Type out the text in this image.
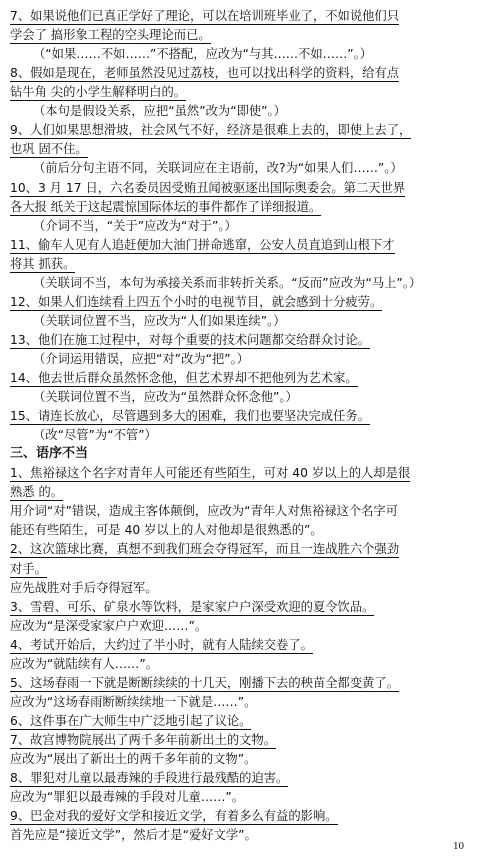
7、如果说他们已真正学好了理论，可以在培训班毕业了，不如说他们只
学会了 搞形象工程的空头理论而已。
（“如果……不如……”不搭配，应改为“与其……不如……”。）
8、假如是现在，老师虽然没见过荔枝，也可以找出科学的资料，给有点
钻牛角 尖的小学生解释明白的。
（本句是假设关系，应把“虽然”改为“即使”。）
9、人们如果思想滑坡，社会风气不好，经济是很难上去的，即使上去了，
也巩 固不住。
（前后分句主语不同，关联词应在主语前，改?为“如果人们……”。）
10、3 月 17 日，六名委员因受贿丑闻被驱逐出国际奥委会。第二天世界
各大报 纸关于这起震惊国际体坛的事件都作了详细报道。
（介词不当，“关于”应改为“对于”。）
11、偷车人见有人追赶便加大油门拼命逃窜，公安人员直追到山根下才
将其 抓获。
（关联词不当，本句为承接关系而非转折关系。“反而”应改为“马上”。）
12、如果人们连续看上四五个小时的电视节目，就会感到十分疲劳。
（关联词位置不当，应改为“人们如果连续”。）
13、他们在施工过程中，对每个重要的技术问题都交给群众讨论。
（介词运用错误，应把“对”改为“把”。）
14、他去世后群众虽然怀念他，但艺术界却不把他列为艺术家。
（关联词位置不当，应改为“虽然群众怀念他”。）
15、请连长放心，尽管遇到多大的困难，我们也要坚决完成任务。
（改“尽管”为“不管”）
三、语序不当
1、焦裕禄这个名字对青年人可能还有些陌生，可对 40 岁以上的人却是很
熟悉 的。
用介词“对”错误，造成主客体颠倒，应改为“青年人对焦裕禄这个名字可
能还有些陌生，可是 40 岁以上的人对他却是很熟悉的”。
2、这次篮球比赛，真想不到我们班会夺得冠军，而且一连战胜六个强劲
对手。
应先战胜对手后夺得冠军。
3、雪碧、可乐、矿泉水等饮料，是家家户户深受欢迎的夏令饮品。
应改为“是深受家家户户欢迎……”。
4、考试开始后，大约过了半小时，就有人陆续交卷了。
应改为“就陆续有人……”。
5、这场春雨一下就是断断续续的十几天，刚播下去的秧苗全都变黄了。
应改为“这场春雨断断续续地一下就是……”。
6、这件事在广大师生中广泛地引起了议论。
7、故宫博物院展出了两千多年前新出土的文物。
应改为“展出了新出土的两千多年前的文物”。
8、罪犯对儿童以最毒辣的手段进行最残酷的迫害。
应改为“罪犯以最毒辣的手段对儿童……”。
9、巴金对我的爱好文学和接近文学，有着多么有益的影响。
首先应是“接近文学”，然后才是“爱好文学”。
10
